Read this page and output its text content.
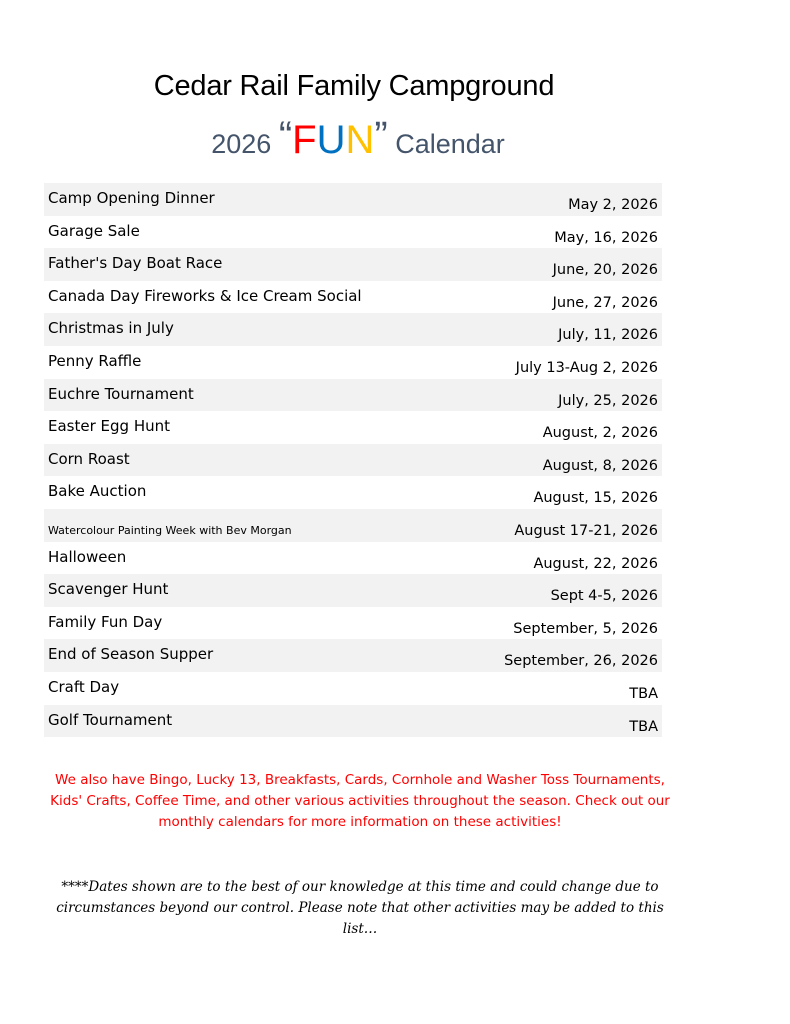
Cedar Rail Family Campground
2026 “FUN” Calendar
Camp Opening Dinner	May 2, 2026
Garage Sale	May, 16, 2026
Father's Day Boat Race	June, 20, 2026
Canada Day Fireworks & Ice Cream Social	June, 27, 2026
Christmas in July	July, 11, 2026
Penny Raffle	July 13-Aug 2, 2026
Euchre Tournament	July, 25, 2026
Easter Egg Hunt	August, 2, 2026
Corn Roast	August, 8, 2026
Bake Auction	August, 15, 2026
Watercolour Painting Week with Bev Morgan	August 17-21, 2026
Halloween	August, 22, 2026
Scavenger Hunt	Sept 4-5, 2026
Family Fun Day	September, 5, 2026
End of Season Supper	September, 26, 2026
Craft Day	TBA
Golf Tournament	TBA
We also have Bingo, Lucky 13, Breakfasts, Cards, Cornhole and Washer Toss Tournaments, Kids' Crafts, Coffee Time, and other various activities throughout the season. Check out our monthly calendars for more information on these activities!
****Dates shown are to the best of our knowledge at this time and could change due to circumstances beyond our control. Please note that other activities may be added to this list…
